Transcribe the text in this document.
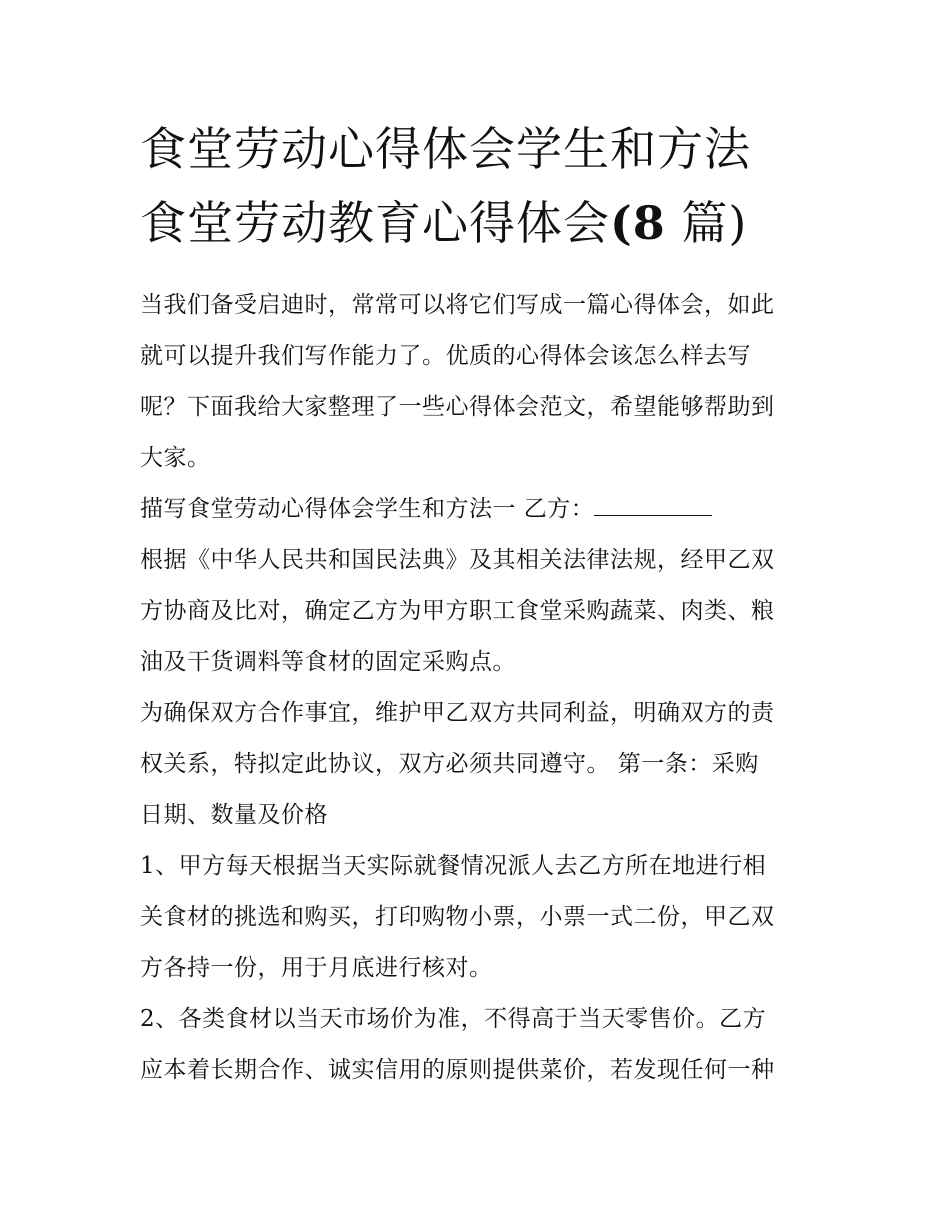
食堂劳动心得体会学生和方法
食堂劳动教育心得体会(8 篇)

当我们备受启迪时，常常可以将它们写成一篇心得体会，如此
就可以提升我们写作能力了。优质的心得体会该怎么样去写
呢？下面我给大家整理了一些心得体会范文，希望能够帮助到
大家。

描写食堂劳动心得体会学生和方法一 乙方：

根据《中华人民共和国民法典》及其相关法律法规，经甲乙双
方协商及比对，确定乙方为甲方职工食堂采购蔬菜、肉类、粮
油及干货调料等食材的固定采购点。

为确保双方合作事宜，维护甲乙双方共同利益，明确双方的责
权关系，特拟定此协议，双方必须共同遵守。 第一条：采购
日期、数量及价格

1、甲方每天根据当天实际就餐情况派人去乙方所在地进行相
关食材的挑选和购买，打印购物小票，小票一式二份，甲乙双
方各持一份，用于月底进行核对。

2、各类食材以当天市场价为准，不得高于当天零售价。乙方
应本着长期合作、诚实信用的原则提供菜价，若发现任何一种
